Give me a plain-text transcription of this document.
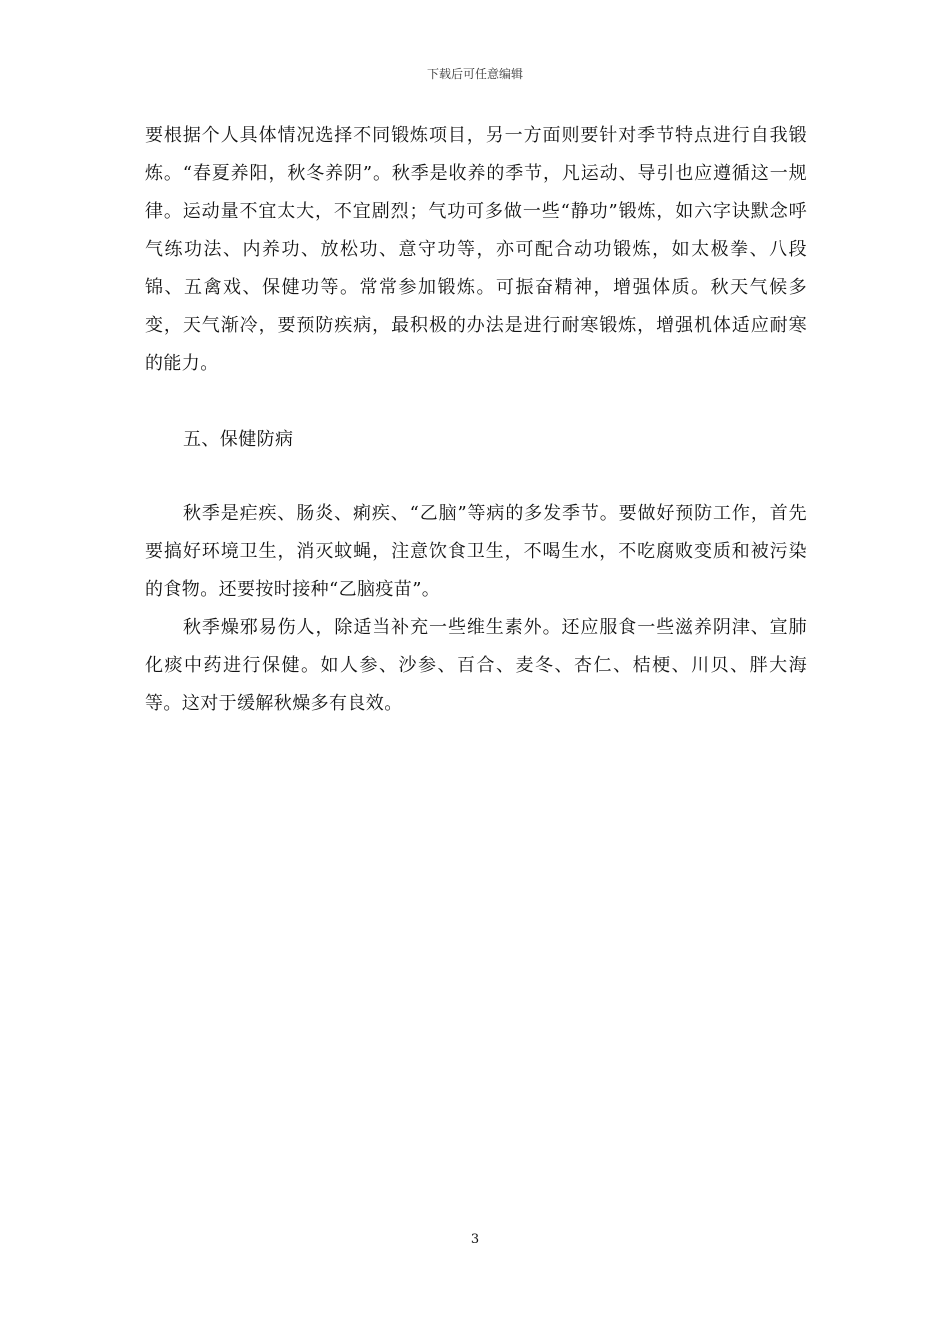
下载后可任意编辑

要根据个人具体情况选择不同锻炼项目，另一方面则要针对季节特点进行自我锻炼。“春夏养阳，秋冬养阴”。秋季是收养的季节，凡运动、导引也应遵循这一规律。运动量不宜太大，不宜剧烈；气功可多做一些“静功”锻炼，如六字诀默念呼气练功法、内养功、放松功、意守功等，亦可配合动功锻炼，如太极拳、八段锦、五禽戏、保健功等。常常参加锻炼。可振奋精神，增强体质。秋天气候多变，天气渐冷，要预防疾病，最积极的办法是进行耐寒锻炼，增强机体适应耐寒的能力。

五、保健防病

秋季是疟疾、肠炎、痢疾、“乙脑”等病的多发季节。要做好预防工作，首先要搞好环境卫生，消灭蚊蝇，注意饮食卫生，不喝生水，不吃腐败变质和被污染的食物。还要按时接种“乙脑疫苗”。

秋季燥邪易伤人，除适当补充一些维生素外。还应服食一些滋养阴津、宣肺化痰中药进行保健。如人参、沙参、百合、麦冬、杏仁、桔梗、川贝、胖大海等。这对于缓解秋燥多有良效。

3
